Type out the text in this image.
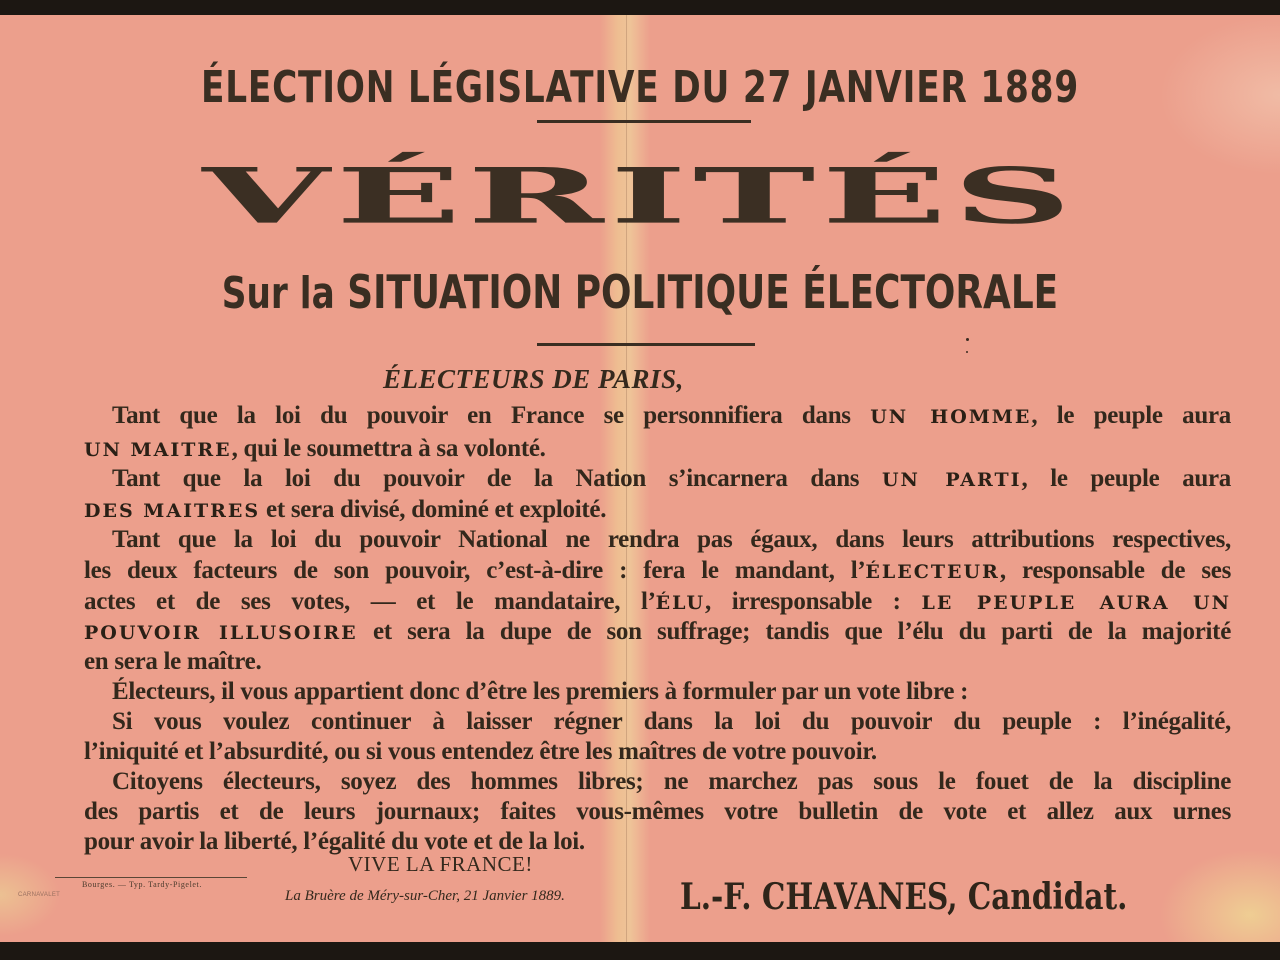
ÉLECTION LÉGISLATIVE DU 27 JANVIER 1889
VÉRITÉS
Sur la SITUATION POLITIQUE ÉLECTORALE
ÉLECTEURS DE PARIS,
Tant que la loi du pouvoir en France se personnifiera dans UN HOMME, le peuple aura
UN MAITRE, qui le soumettra à sa volonté.
Tant que la loi du pouvoir de la Nation s’incarnera dans UN PARTI, le peuple aura
DES MAITRES et sera divisé, dominé et exploité.
Tant que la loi du pouvoir National ne rendra pas égaux, dans leurs attributions respectives,
les deux facteurs de son pouvoir, c’est-à-dire : fera le mandant, l’ÉLECTEUR, responsable de ses
actes et de ses votes, — et le mandataire, l’ÉLU, irresponsable : LE PEUPLE AURA UN
POUVOIR ILLUSOIRE et sera la dupe de son suffrage; tandis que l’élu du parti de la majorité
en sera le maître.
Électeurs, il vous appartient donc d’être les premiers à formuler par un vote libre :
Si vous voulez continuer à laisser régner dans la loi du pouvoir du peuple : l’inégalité,
l’iniquité et l’absurdité, ou si vous entendez être les maîtres de votre pouvoir.
Citoyens électeurs, soyez des hommes libres; ne marchez pas sous le fouet de la discipline
des partis et de leurs journaux; faites vous-mêmes votre bulletin de vote et allez aux urnes
pour avoir la liberté, l’égalité du vote et de la loi.
VIVE LA FRANCE!
La Bruère de Méry-sur-Cher, 21 Janvier 1889.	L.-F. CHAVANES, Candidat.
Bourges. — Typ. Tardy-Pigelet.
CARNAVALET
